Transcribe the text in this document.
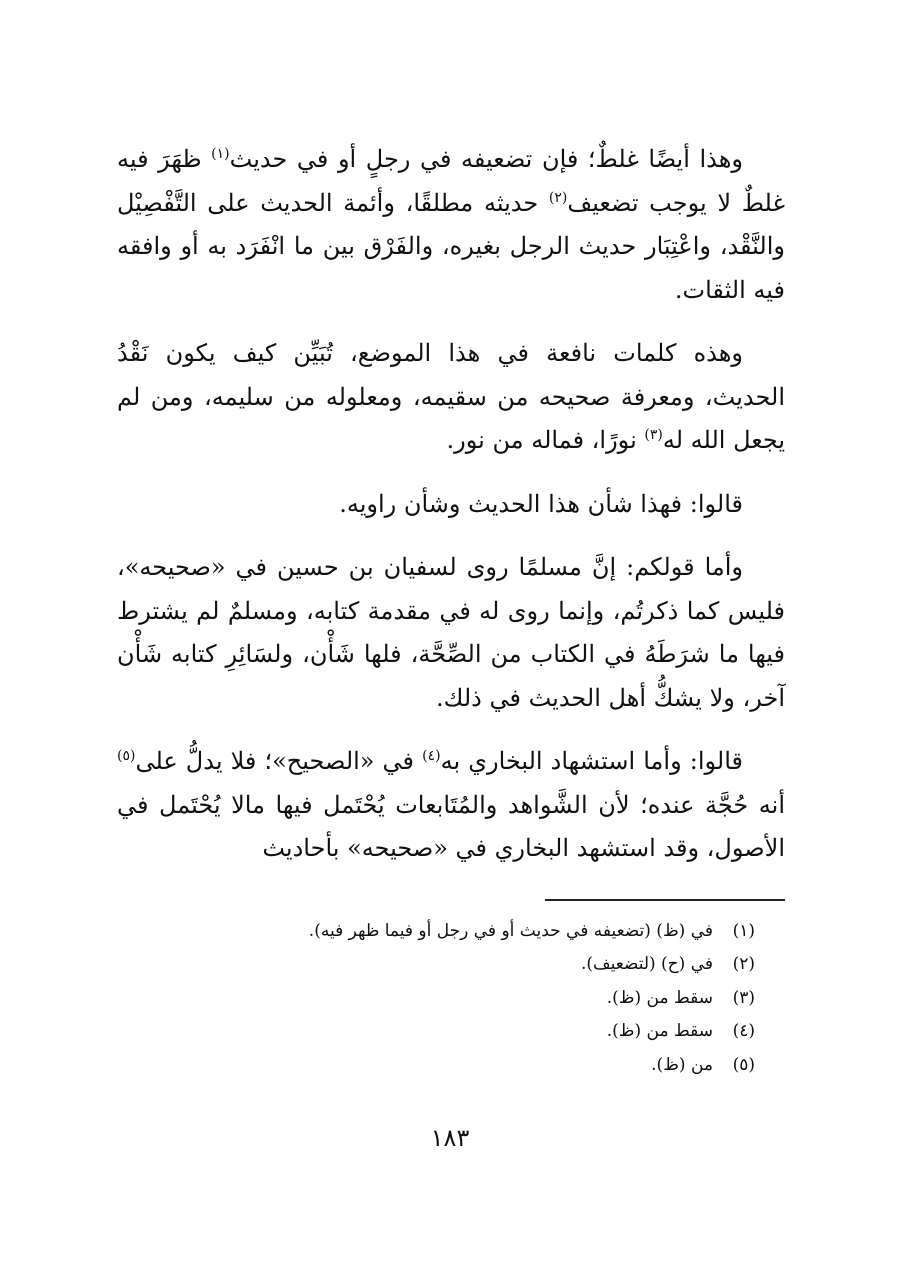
وهذا أيضًا غلطٌ؛ فإن تضعيفه في رجلٍ أو في حديث$^{(١)}$ ظهَرَ فيه غلطٌ لا يوجب تضعيف$^{(٢)}$ حديثه مطلقًا، وأئمة الحديث على التَّفْصِيْل والنَّقْد، واعْتِبَار حديث الرجل بغيره، والفَرْق بين ما انْفَرَد به أو وافقه فيه الثقات.

وهذه كلمات نافعة في هذا الموضع، تُبَيِّن كيف يكون نَقْدُ الحديث، ومعرفة صحيحه من سقيمه، ومعلوله من سليمه، ومن لم يجعل الله له$^{(٣)}$ نورًا، فماله من نور.

قالوا: فهذا شأن هذا الحديث وشأن راويه.

وأما قولكم: إنَّ مسلمًا روى لسفيان بن حسين في «صحيحه»، فليس كما ذكرتُم، وإنما روى له في مقدمة كتابه، ومسلمٌ لم يشترط فيها ما شرَطَهُ في الكتاب من الصِّحَّة، فلها شَأْن، ولسَائِرِ كتابه شَأْن آخر، ولا يشكُّ أهل الحديث في ذلك.

قالوا: وأما استشهاد البخاري به$^{(٤)}$ في «الصحيح»؛ فلا يدلُّ على$^{(٥)}$ أنه حُجَّة عنده؛ لأن الشَّواهد والمُتَابعات يُحْتَمل فيها مالا يُحْتَمل في الأصول، وقد استشهد البخاري في «صحيحه» بأحاديث

(١)
في (ظ) (تضعيفه في حديث أو في رجل أو فيما ظهر فيه).
(٢)
في (ح) (لتضعيف).
(٣)
سقط من (ظ).
(٤)
سقط من (ظ).
(٥)
من (ظ).
١٨٣
